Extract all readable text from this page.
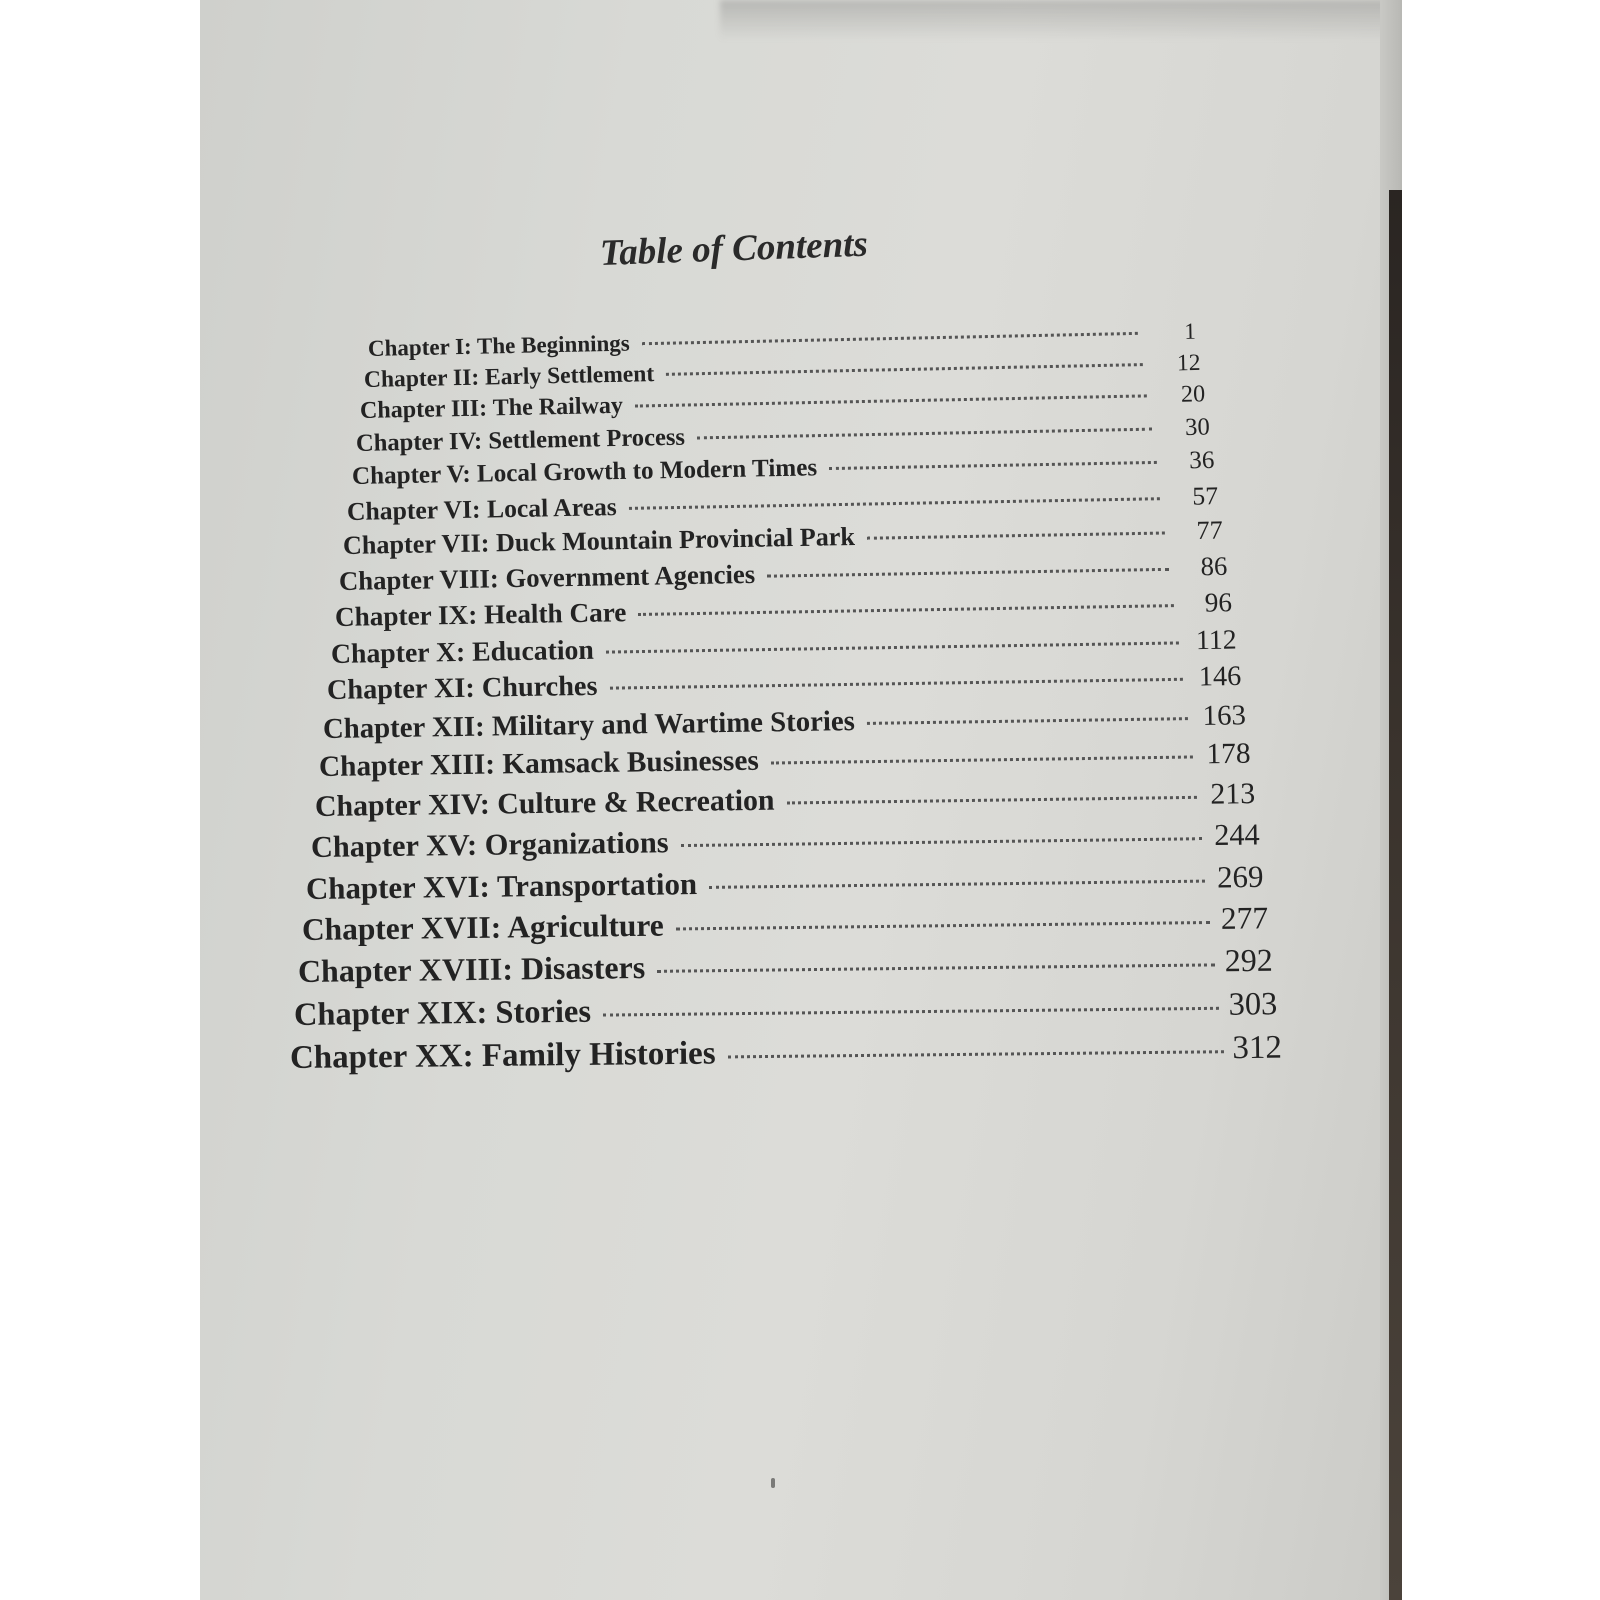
Table of Contents
Chapter I: The Beginnings	1
Chapter II: Early Settlement	12
Chapter III: The Railway	20
Chapter IV: Settlement Process	30
Chapter V: Local Growth to Modern Times	36
Chapter VI: Local Areas	57
Chapter VII: Duck Mountain Provincial Park	77
Chapter VIII: Government Agencies	86
Chapter IX: Health Care	96
Chapter X: Education	112
Chapter XI: Churches	146
Chapter XII: Military and Wartime Stories	163
Chapter XIII: Kamsack Businesses	178
Chapter XIV: Culture & Recreation	213
Chapter XV: Organizations	244
Chapter XVI: Transportation	269
Chapter XVII: Agriculture	277
Chapter XVIII: Disasters	292
Chapter XIX: Stories	303
Chapter XX: Family Histories	312
